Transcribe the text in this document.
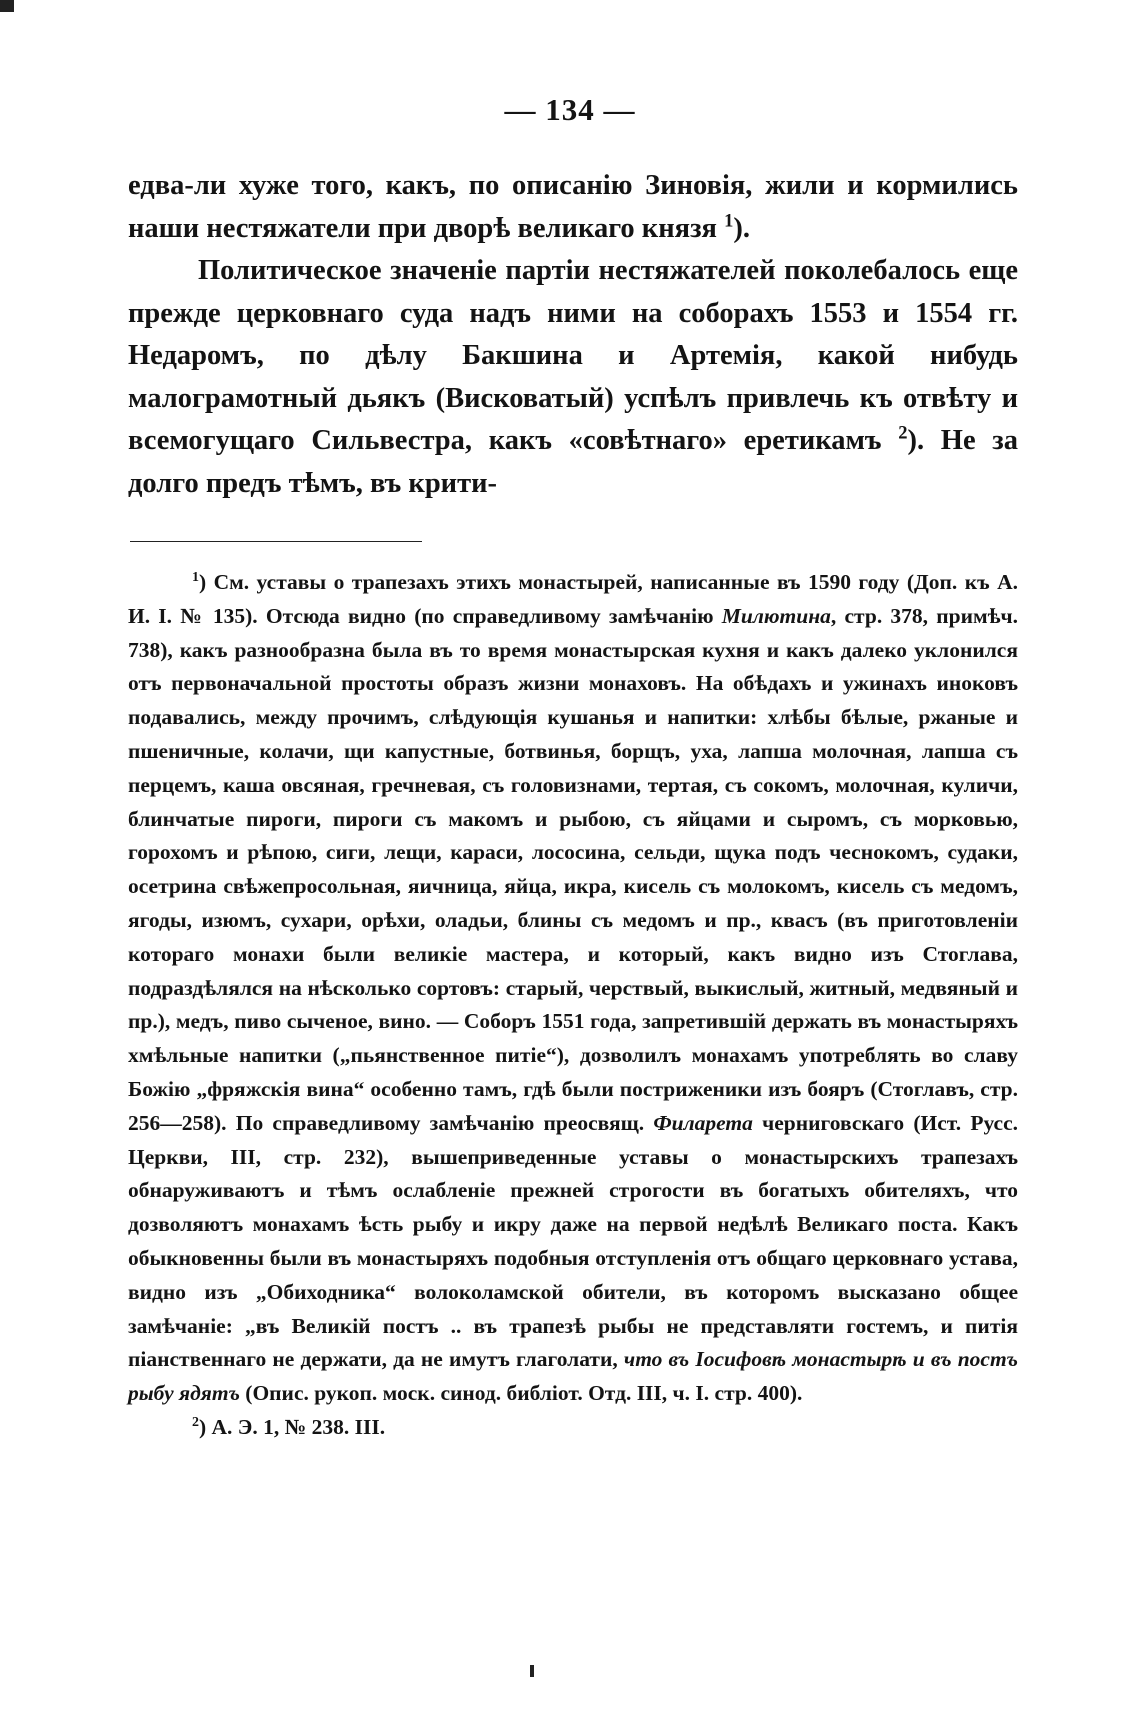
— 134 —

едва-ли хуже того, какъ, по описанію Зиновія, жили и кормились наши нестяжатели при дворѣ великаго князя $^1$).

Политическое значеніе партіи нестяжателей поколебалось еще прежде церковнаго суда надъ ними на соборахъ 1553 и 1554 гг. Недаромъ, по дѣлу Бакшина и Артемія, какой нибудь малограмотный дьякъ (Висковатый) успѣлъ привлечь къ отвѣту и всемогущаго Сильвестра, какъ «совѣтнаго» еретикамъ $^2$). Не за долго предъ тѣмъ, въ крити-

$^1$) См. уставы о трапезахъ этихъ монастырей, написанные въ 1590 году (Доп. къ А. И. I. № 135). Отсюда видно (по справедливому замѣчанію Милютина, стр. 378, примѣч. 738), какъ разнообразна была въ то время монастырская кухня и какъ далеко уклонился отъ первоначальной простоты образъ жизни монаховъ. На обѣдахъ и ужинахъ иноковъ подавались, между прочимъ, слѣдующія кушанья и напитки: хлѣбы бѣлые, ржаные и пшеничные, колачи, щи капустные, ботвинья, борщъ, уха, лапша молочная, лапша съ перцемъ, каша овсяная, гречневая, съ головизнами, тертая, съ сокомъ, молочная, куличи, блинчатые пироги, пироги съ макомъ и рыбою, съ яйцами и сыромъ, съ морковью, горохомъ и рѣпою, сиги, лещи, караси, лососина, сельди, щука подъ чеснокомъ, судаки, осетрина свѣжепросольная, яичница, яйца, икра, кисель съ молокомъ, кисель съ медомъ, ягоды, изюмъ, сухари, орѣхи, оладьи, блины съ медомъ и пр., квасъ (въ приготовленіи котораго монахи были великіе мастера, и который, какъ видно изъ Стоглава, подраздѣлялся на нѣсколько сортовъ: старый, черствый, выкислый, житный, медвяный и пр.), медъ, пиво сыченое, вино. — Соборъ 1551 года, запретившій держать въ монастыряхъ хмѣльные напитки („пьянственное питіе“), дозволилъ монахамъ употреблять во славу Божію „фряжскія вина“ особенно тамъ, гдѣ были постриженики изъ бояръ (Стоглавъ, стр. 256—258). По справедливому замѣчанію преосвящ. Филарета черниговскаго (Ист. Русс. Церкви, III, стр. 232), вышеприведенные уставы о монастырскихъ трапезахъ обнаруживаютъ и тѣмъ ослабленіе прежней строгости въ богатыхъ обителяхъ, что дозволяютъ монахамъ ѣсть рыбу и икру даже на первой недѣлѣ Великаго поста. Какъ обыкновенны были въ монастыряхъ подобныя отступленія отъ общаго церковнаго устава, видно изъ „Обиходника“ волоколамской обители, въ которомъ высказано общее замѣчаніе: „въ Великій постъ .. въ трапезѣ рыбы не представляти гостемъ, и питія піанственнаго не держати, да не имутъ глаголати, что въ Іосифовѣ монастырѣ и въ постъ рыбу ядятъ (Опис. рукоп. моск. синод. библіот. Отд. III, ч. I. стр. 400).

$^2$) А. Э. 1, № 238. III.
